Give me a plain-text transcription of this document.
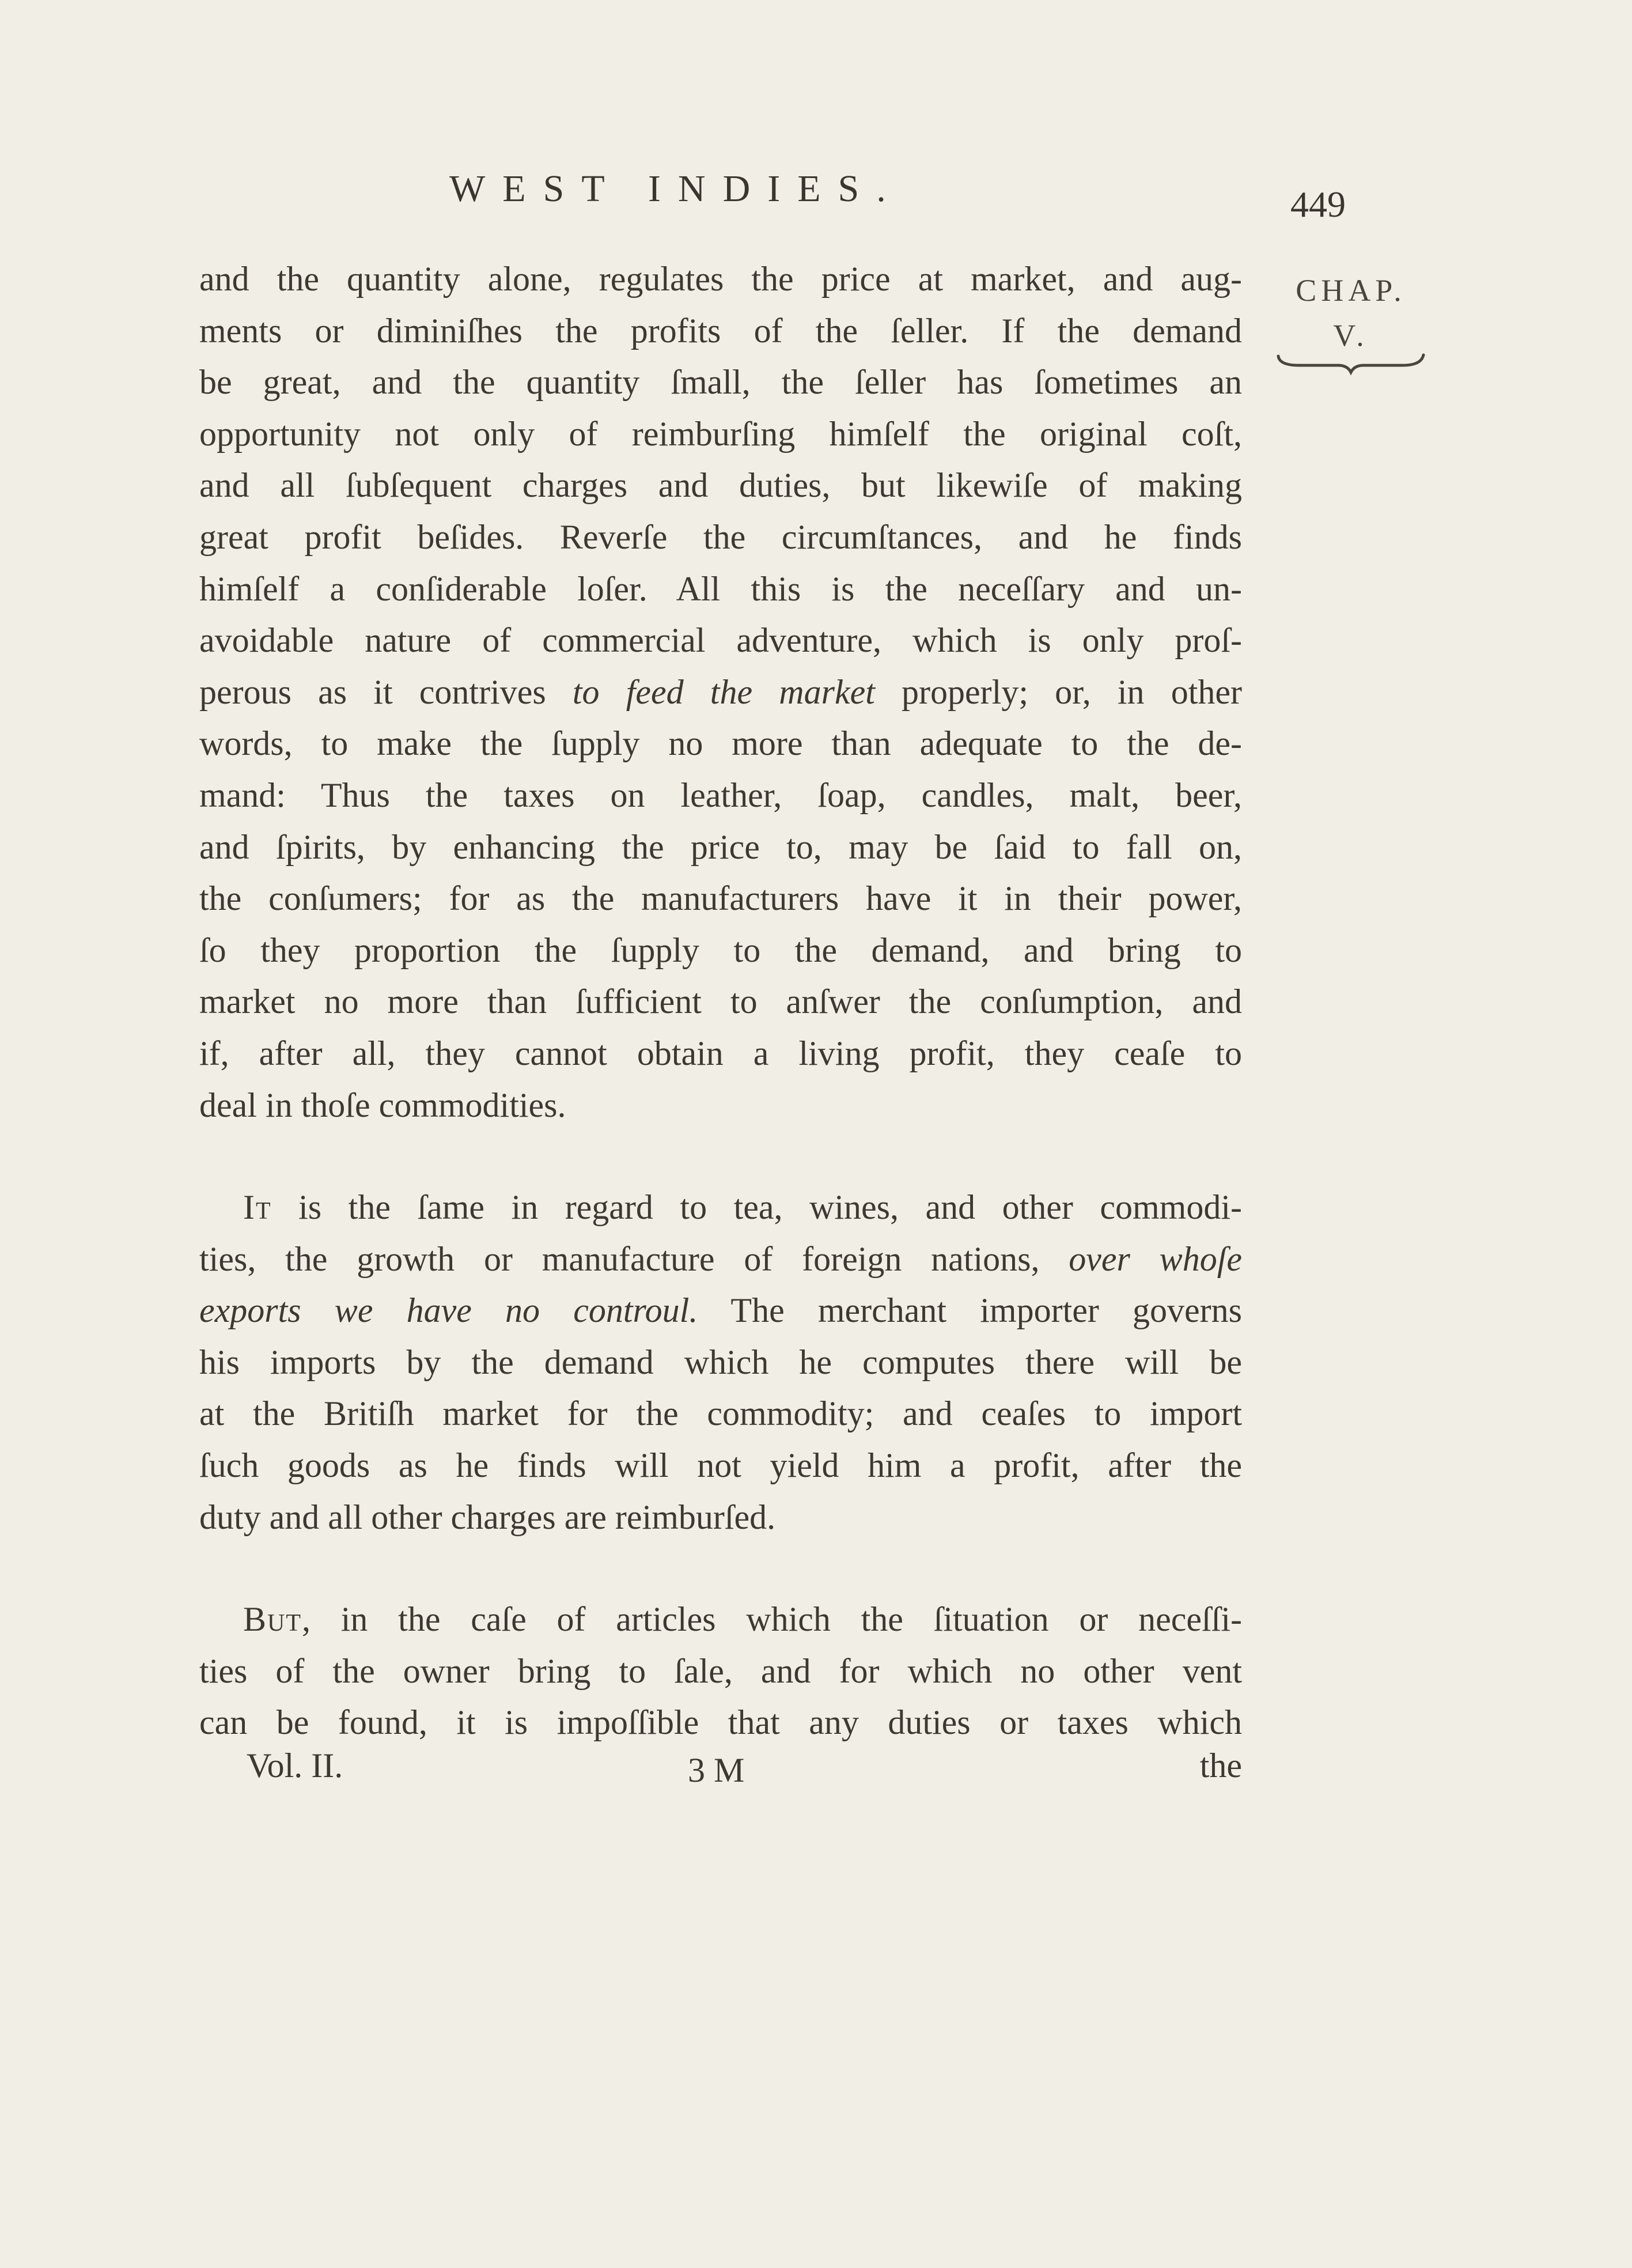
WEST INDIES.	449
CHAP.
V.
and the quantity alone, regulates the price at market, and aug-
ments or diminiſhes the profits of the ſeller. If the demand
be great, and the quantity ſmall, the ſeller has ſometimes an
opportunity not only of reimburſing himſelf the original coſt,
and all ſubſequent charges and duties, but likewiſe of making
great profit beſides. Reverſe the circumſtances, and he finds
himſelf a conſiderable loſer. All this is the neceſſary and un-
avoidable nature of commercial adventure, which is only proſ-
perous as it contrives to feed the market properly; or, in other
words, to make the ſupply no more than adequate to the de-
mand: Thus the taxes on leather, ſoap, candles, malt, beer,
and ſpirits, by enhancing the price to, may be ſaid to fall on,
the conſumers; for as the manufacturers have it in their power,
ſo they proportion the ſupply to the demand, and bring to
market no more than ſufficient to anſwer the conſumption, and
if, after all, they cannot obtain a living profit, they ceaſe to
deal in thoſe commodities.
It is the ſame in regard to tea, wines, and other commodi-
ties, the growth or manufacture of foreign nations, over whoſe
exports we have no controul. The merchant importer governs
his imports by the demand which he computes there will be
at the Britiſh market for the commodity; and ceaſes to import
ſuch goods as he finds will not yield him a profit, after the
duty and all other charges are reimburſed.
But, in the caſe of articles which the ſituation or neceſſi-
ties of the owner bring to ſale, and for which no other vent
can be found, it is impoſſible that any duties or taxes which
Vol. II.	3 M	the
